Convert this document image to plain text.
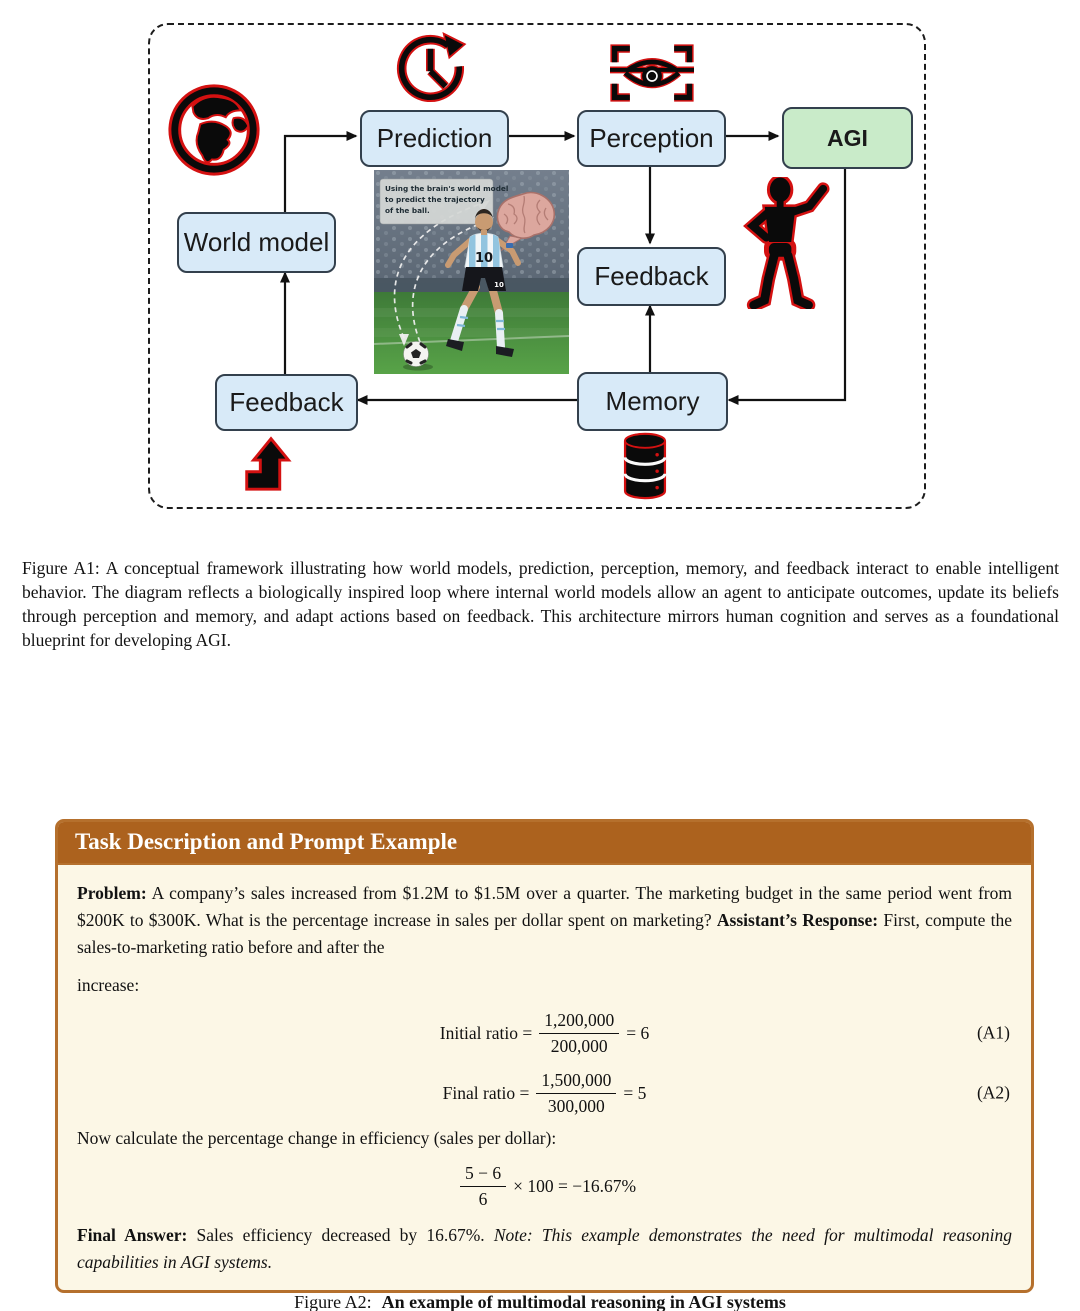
World model
Prediction	Perception	AGI
Feedback
Feedback	Memory
Using the brain's world model
to predict the trajectory
of the ball.
10
10

Figure A1: A conceptual framework illustrating how world models, prediction, perception, memory, and feedback interact to enable intelligent behavior. The diagram reflects a biologically inspired loop where internal world models allow an agent to anticipate outcomes, update its beliefs through perception and memory, and adapt actions based on feedback. This architecture mirrors human cognition and serves as a foundational blueprint for developing AGI.

Task Description and Prompt Example
Problem: A company’s sales increased from $1.2M to $1.5M over a quarter. The marketing budget in the same period went from $200K to $300K. What is the percentage increase in sales per dollar spent on marketing? Assistant’s Response: First, compute the sales-to-marketing ratio before and after the
increase:
Initial ratio = $\frac{1,200,000}{200,000} = 6$	(A1)
Final ratio = $\frac{1,500,000}{300,000} = 5$	(A2)
Now calculate the percentage change in efficiency (sales per dollar):
$\frac{5 - 6}{6} \times 100 = -16.67\%$
Final Answer: Sales efficiency decreased by 16.67%. Note: This example demonstrates the need for multimodal reasoning capabilities in AGI systems.

Figure A2: An example of multimodal reasoning in AGI systems
